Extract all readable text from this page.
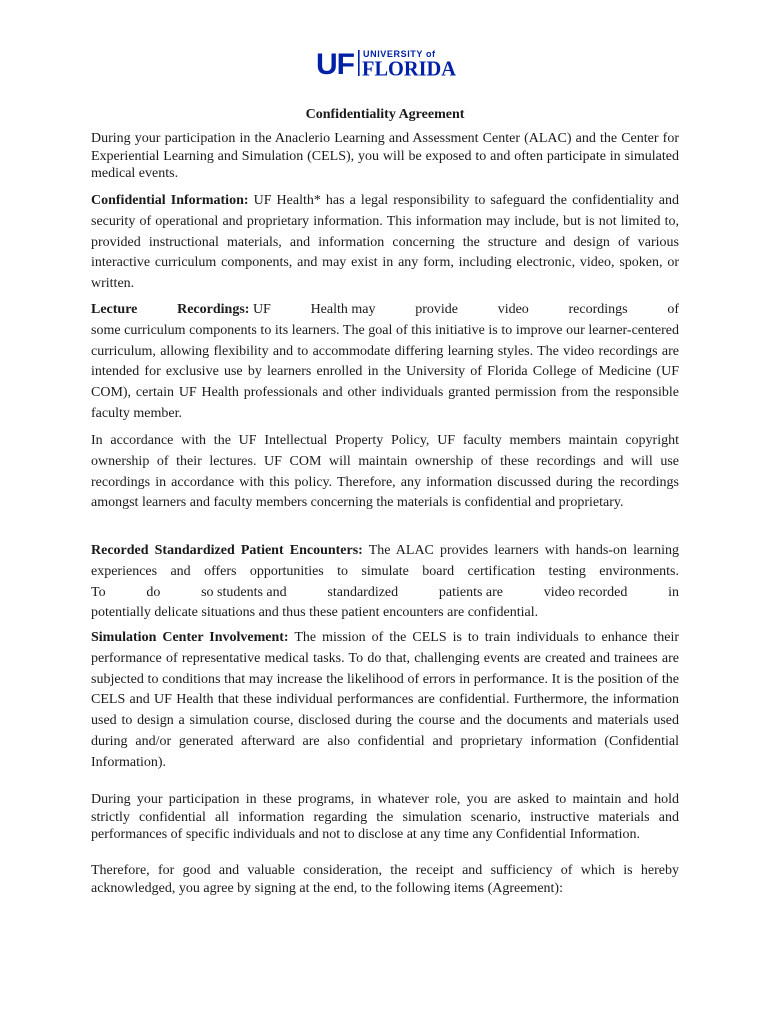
UF UNIVERSITY of
FLORIDA
Confidentiality Agreement

During your participation in the Anaclerio Learning and Assessment Center (ALAC) and the Center for Experiential Learning and Simulation (CELS), you will be exposed to and often participate in simulated medical events.

Confidential Information: UF Health* has a legal responsibility to safeguard the confidentiality and security of operational and proprietary information. This information may include, but is not limited to, provided instructional materials, and information concerning the structure and design of various interactive curriculum components, and may exist in any form, including electronic, video, spoken, or written.

Lecture	Recordings: UF	Health may	provide	video	recordings	of
some curriculum components to its learners. The goal of this initiative is to improve our learner-centered curriculum, allowing flexibility and to accommodate differing learning styles. The video recordings are intended for exclusive use by learners enrolled in the University of Florida College of Medicine (UF COM), certain UF Health professionals and other individuals granted permission from the responsible faculty member.

In accordance with the UF Intellectual Property Policy, UF faculty members maintain copyright ownership of their lectures. UF COM will maintain ownership of these recordings and will use recordings in accordance with this policy. Therefore, any information discussed during the recordings amongst learners and faculty members concerning the materials is confidential and proprietary.

Recorded Standardized Patient Encounters: The ALAC provides learners with hands-on learning experiences and offers opportunities to simulate board certification testing environments.
To	do	so students and	standardized	patients are	video recorded	in
potentially delicate situations and thus these patient encounters are confidential.

Simulation Center Involvement: The mission of the CELS is to train individuals to enhance their performance of representative medical tasks. To do that, challenging events are created and trainees are subjected to conditions that may increase the likelihood of errors in performance. It is the position of the CELS and UF Health that these individual performances are confidential. Furthermore, the information used to design a simulation course, disclosed during the course and the documents and materials used during and/or generated afterward are also confidential and proprietary information (Confidential Information).

During your participation in these programs, in whatever role, you are asked to maintain and hold strictly confidential all information regarding the simulation scenario, instructive materials and performances of specific individuals and not to disclose at any time any Confidential Information.

Therefore, for good and valuable consideration, the receipt and sufficiency of which is hereby acknowledged, you agree by signing at the end, to the following items (Agreement):
